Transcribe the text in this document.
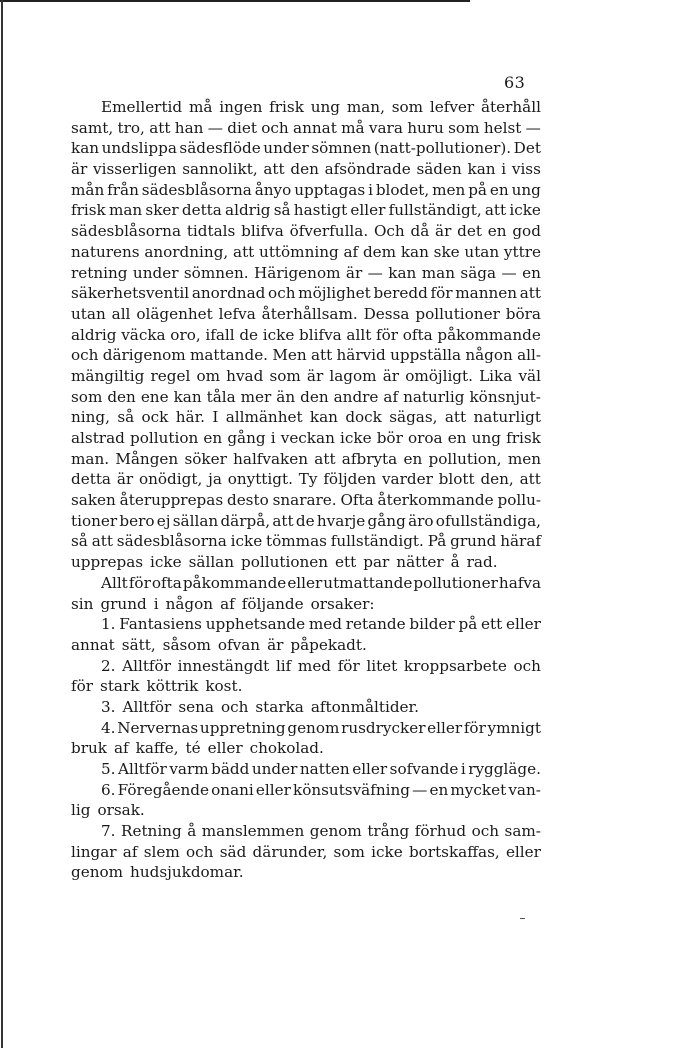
63
Emellertid må ingen frisk ung man, som lefver återhåll
samt, tro, att han — diet och annat må vara huru som helst —
kan undslippa sädesflöde under sömnen (natt-pollutioner). Det
är visserligen sannolikt, att den afsöndrade säden kan i viss
mån från sädesblåsorna ånyo upptagas i blodet, men på en ung
frisk man sker detta aldrig så hastigt eller fullständigt, att icke
sädesblåsorna tidtals blifva öfverfulla. Och då är det en god
naturens anordning, att uttömning af dem kan ske utan yttre
retning under sömnen. Härigenom är — kan man säga — en
säkerhetsventil anordnad och möjlighet beredd för mannen att
utan all olägenhet lefva återhållsam. Dessa pollutioner böra
aldrig väcka oro, ifall de icke blifva allt för ofta påkommande
och därigenom mattande. Men att härvid uppställa någon all-
mängiltig regel om hvad som är lagom är omöjligt. Lika väl
som den ene kan tåla mer än den andre af naturlig könsnjut-
ning, så ock här. I allmänhet kan dock sägas, att naturligt
alstrad pollution en gång i veckan icke bör oroa en ung frisk
man. Mången söker halfvaken att afbryta en pollution, men
detta är onödigt, ja onyttigt. Ty följden varder blott den, att
saken återupprepas desto snarare. Ofta återkommande pollu-
tioner bero ej sällan därpå, att de hvarje gång äro ofullständiga,
så att sädesblåsorna icke tömmas fullständigt. På grund häraf
upprepas icke sällan pollutionen ett par nätter å rad.
Allt för ofta påkommande eller utmattande pollutioner hafva
sin grund i någon af följande orsaker:
1. Fantasiens upphetsande med retande bilder på ett eller
annat sätt, såsom ofvan är påpekadt.
2. Alltför innestängdt lif med för litet kroppsarbete och
för stark köttrik kost.
3. Alltför sena och starka aftonmåltider.
4. Nervernas uppretning genom rusdrycker eller för ymnigt
bruk af kaffe, té eller chokolad.
5. Alltför varm bädd under natten eller sofvande i ryggläge.
6. Föregående onani eller könsutsväfning — en mycket van-
lig orsak.
7. Retning å manslemmen genom trång förhud och sam-
lingar af slem och säd därunder, som icke bortskaffas, eller
genom hudsjukdomar.
